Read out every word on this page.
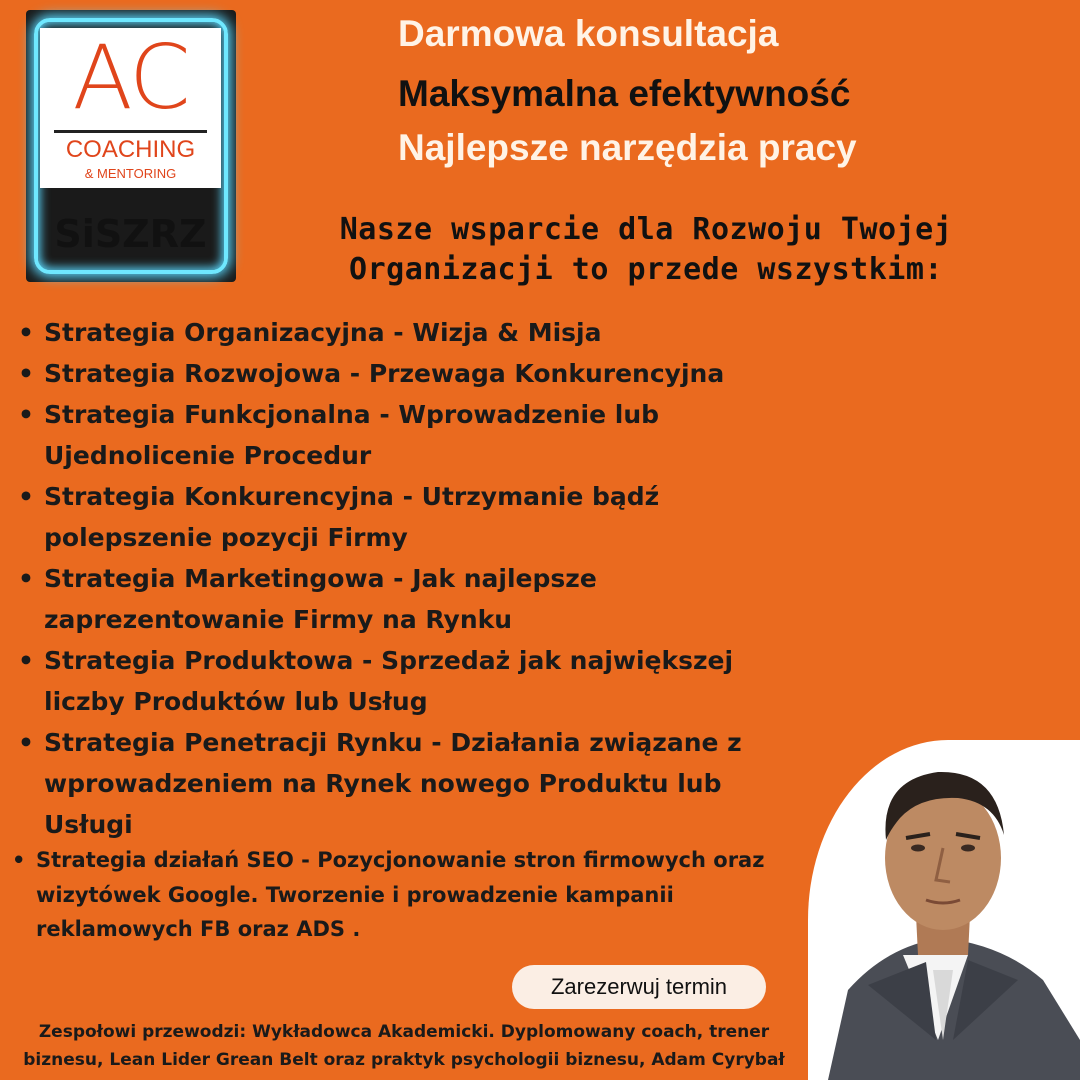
AC
COACHING
& MENTORING
SiSZRZ
Darmowa konsultacja
Maksymalna efektywność
Najlepsze narzędzia pracy
Nasze wsparcie dla Rozwoju Twojej
Organizacji to przede wszystkim:
• Strategia Organizacyjna - Wizja & Misja
• Strategia Rozwojowa - Przewaga Konkurencyjna
• Strategia Funkcjonalna - Wprowadzenie lub Ujednolicenie Procedur
• Strategia Konkurencyjna - Utrzymanie bądź polepszenie pozycji Firmy
• Strategia Marketingowa - Jak najlepsze zaprezentowanie Firmy na Rynku
• Strategia Produktowa - Sprzedaż jak największej liczby Produktów lub Usług
• Strategia Penetracji Rynku - Działania związane z wprowadzeniem na Rynek nowego Produktu lub Usługi
• Strategia działań SEO - Pozycjonowanie stron firmowych oraz wizytówek Google. Tworzenie i prowadzenie kampanii reklamowych FB oraz ADS .
Zarezerwuj termin
Zespołowi przewodzi: Wykładowca Akademicki. Dyplomowany coach, trener
biznesu, Lean Lider Grean Belt oraz praktyk psychologii biznesu, Adam Cyrybał
